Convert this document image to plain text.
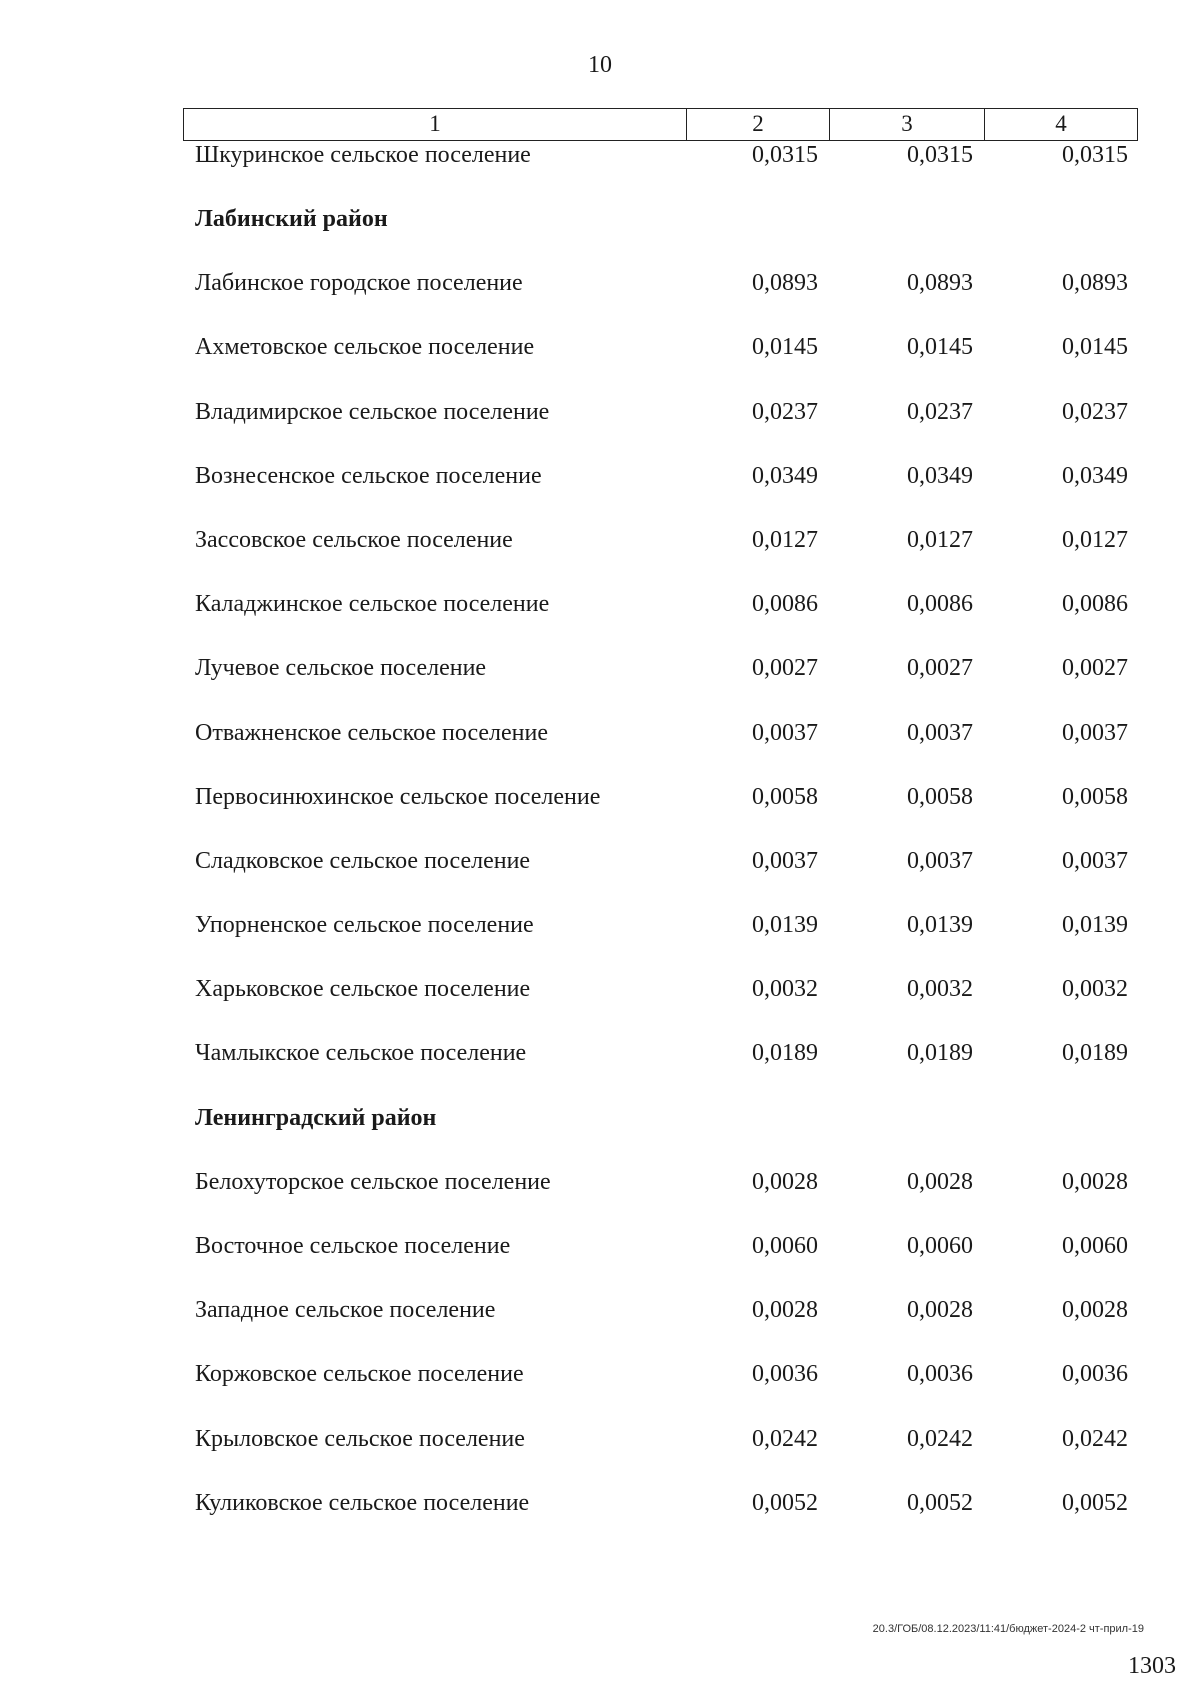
10
1	2	3	4
Шкуринское сельское поселение	0,0315	0,0315	0,0315
Лабинский район
Лабинское городское поселение	0,0893	0,0893	0,0893
Ахметовское сельское поселение	0,0145	0,0145	0,0145
Владимирское сельское поселение	0,0237	0,0237	0,0237
Вознесенское сельское поселение	0,0349	0,0349	0,0349
Зассовское сельское поселение	0,0127	0,0127	0,0127
Каладжинское сельское поселение	0,0086	0,0086	0,0086
Лучевое сельское поселение	0,0027	0,0027	0,0027
Отважненское сельское поселение	0,0037	0,0037	0,0037
Первосинюхинское сельское поселение	0,0058	0,0058	0,0058
Сладковское сельское поселение	0,0037	0,0037	0,0037
Упорненское сельское поселение	0,0139	0,0139	0,0139
Харьковское сельское поселение	0,0032	0,0032	0,0032
Чамлыкское сельское поселение	0,0189	0,0189	0,0189
Ленинградский район
Белохуторское сельское поселение	0,0028	0,0028	0,0028
Восточное сельское поселение	0,0060	0,0060	0,0060
Западное сельское поселение	0,0028	0,0028	0,0028
Коржовское сельское поселение	0,0036	0,0036	0,0036
Крыловское сельское поселение	0,0242	0,0242	0,0242
Куликовское сельское поселение	0,0052	0,0052	0,0052
20.3/ГОБ/08.12.2023/11:41/бюджет-2024-2 чт-прил-19
1303
